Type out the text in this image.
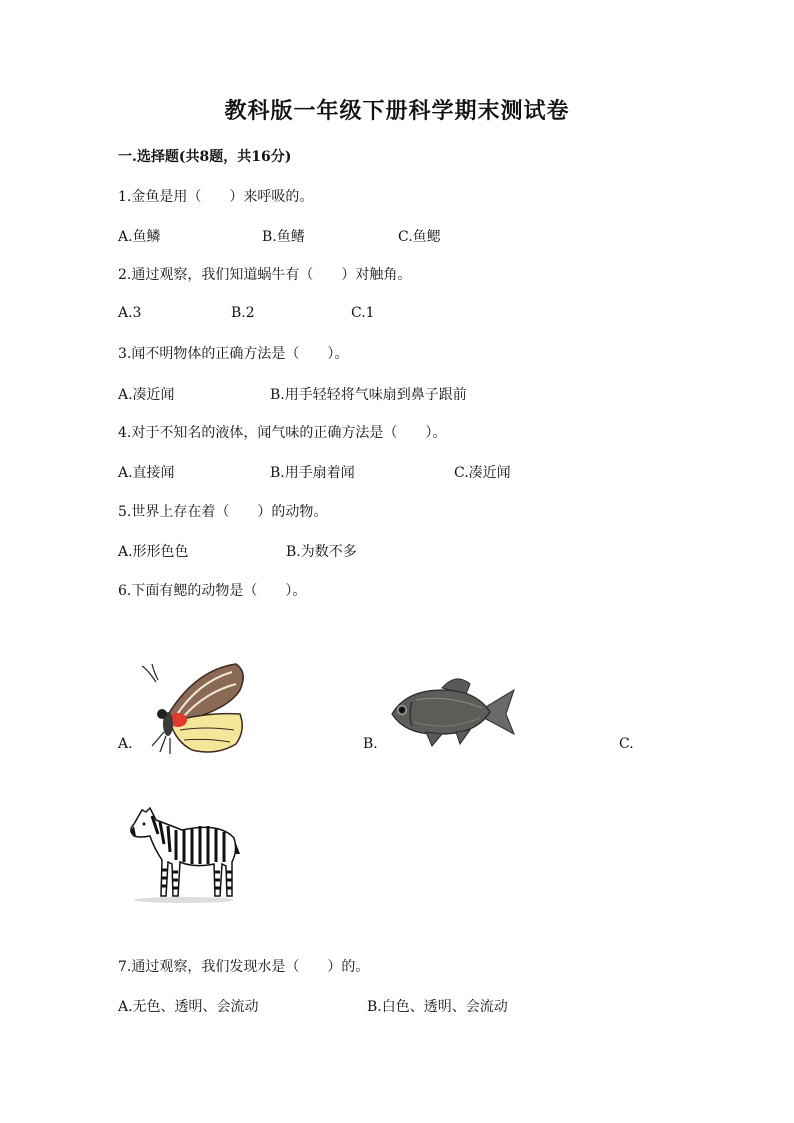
教科版一年级下册科学期末测试卷
一.选择题(共8题，共16分)
1.金鱼是用（　　）来呼吸的。
A.鱼鳞	B.鱼鳍	C.鱼鳃
2.通过观察，我们知道蜗牛有（　　）对触角。
A.3	B.2	C.1
3.闻不明物体的正确方法是（　　）。
A.凑近闻	B.用手轻轻将气味扇到鼻子跟前
4.对于不知名的液体，闻气味的正确方法是（　　）。
A.直接闻	B.用手扇着闻	C.凑近闻
5.世界上存在着（　　）的动物。
A.形形色色	B.为数不多
6.下面有鳃的动物是（　　）。
A.	B.	C.
7.通过观察，我们发现水是（　　）的。
A.无色、透明、会流动	B.白色、透明、会流动
